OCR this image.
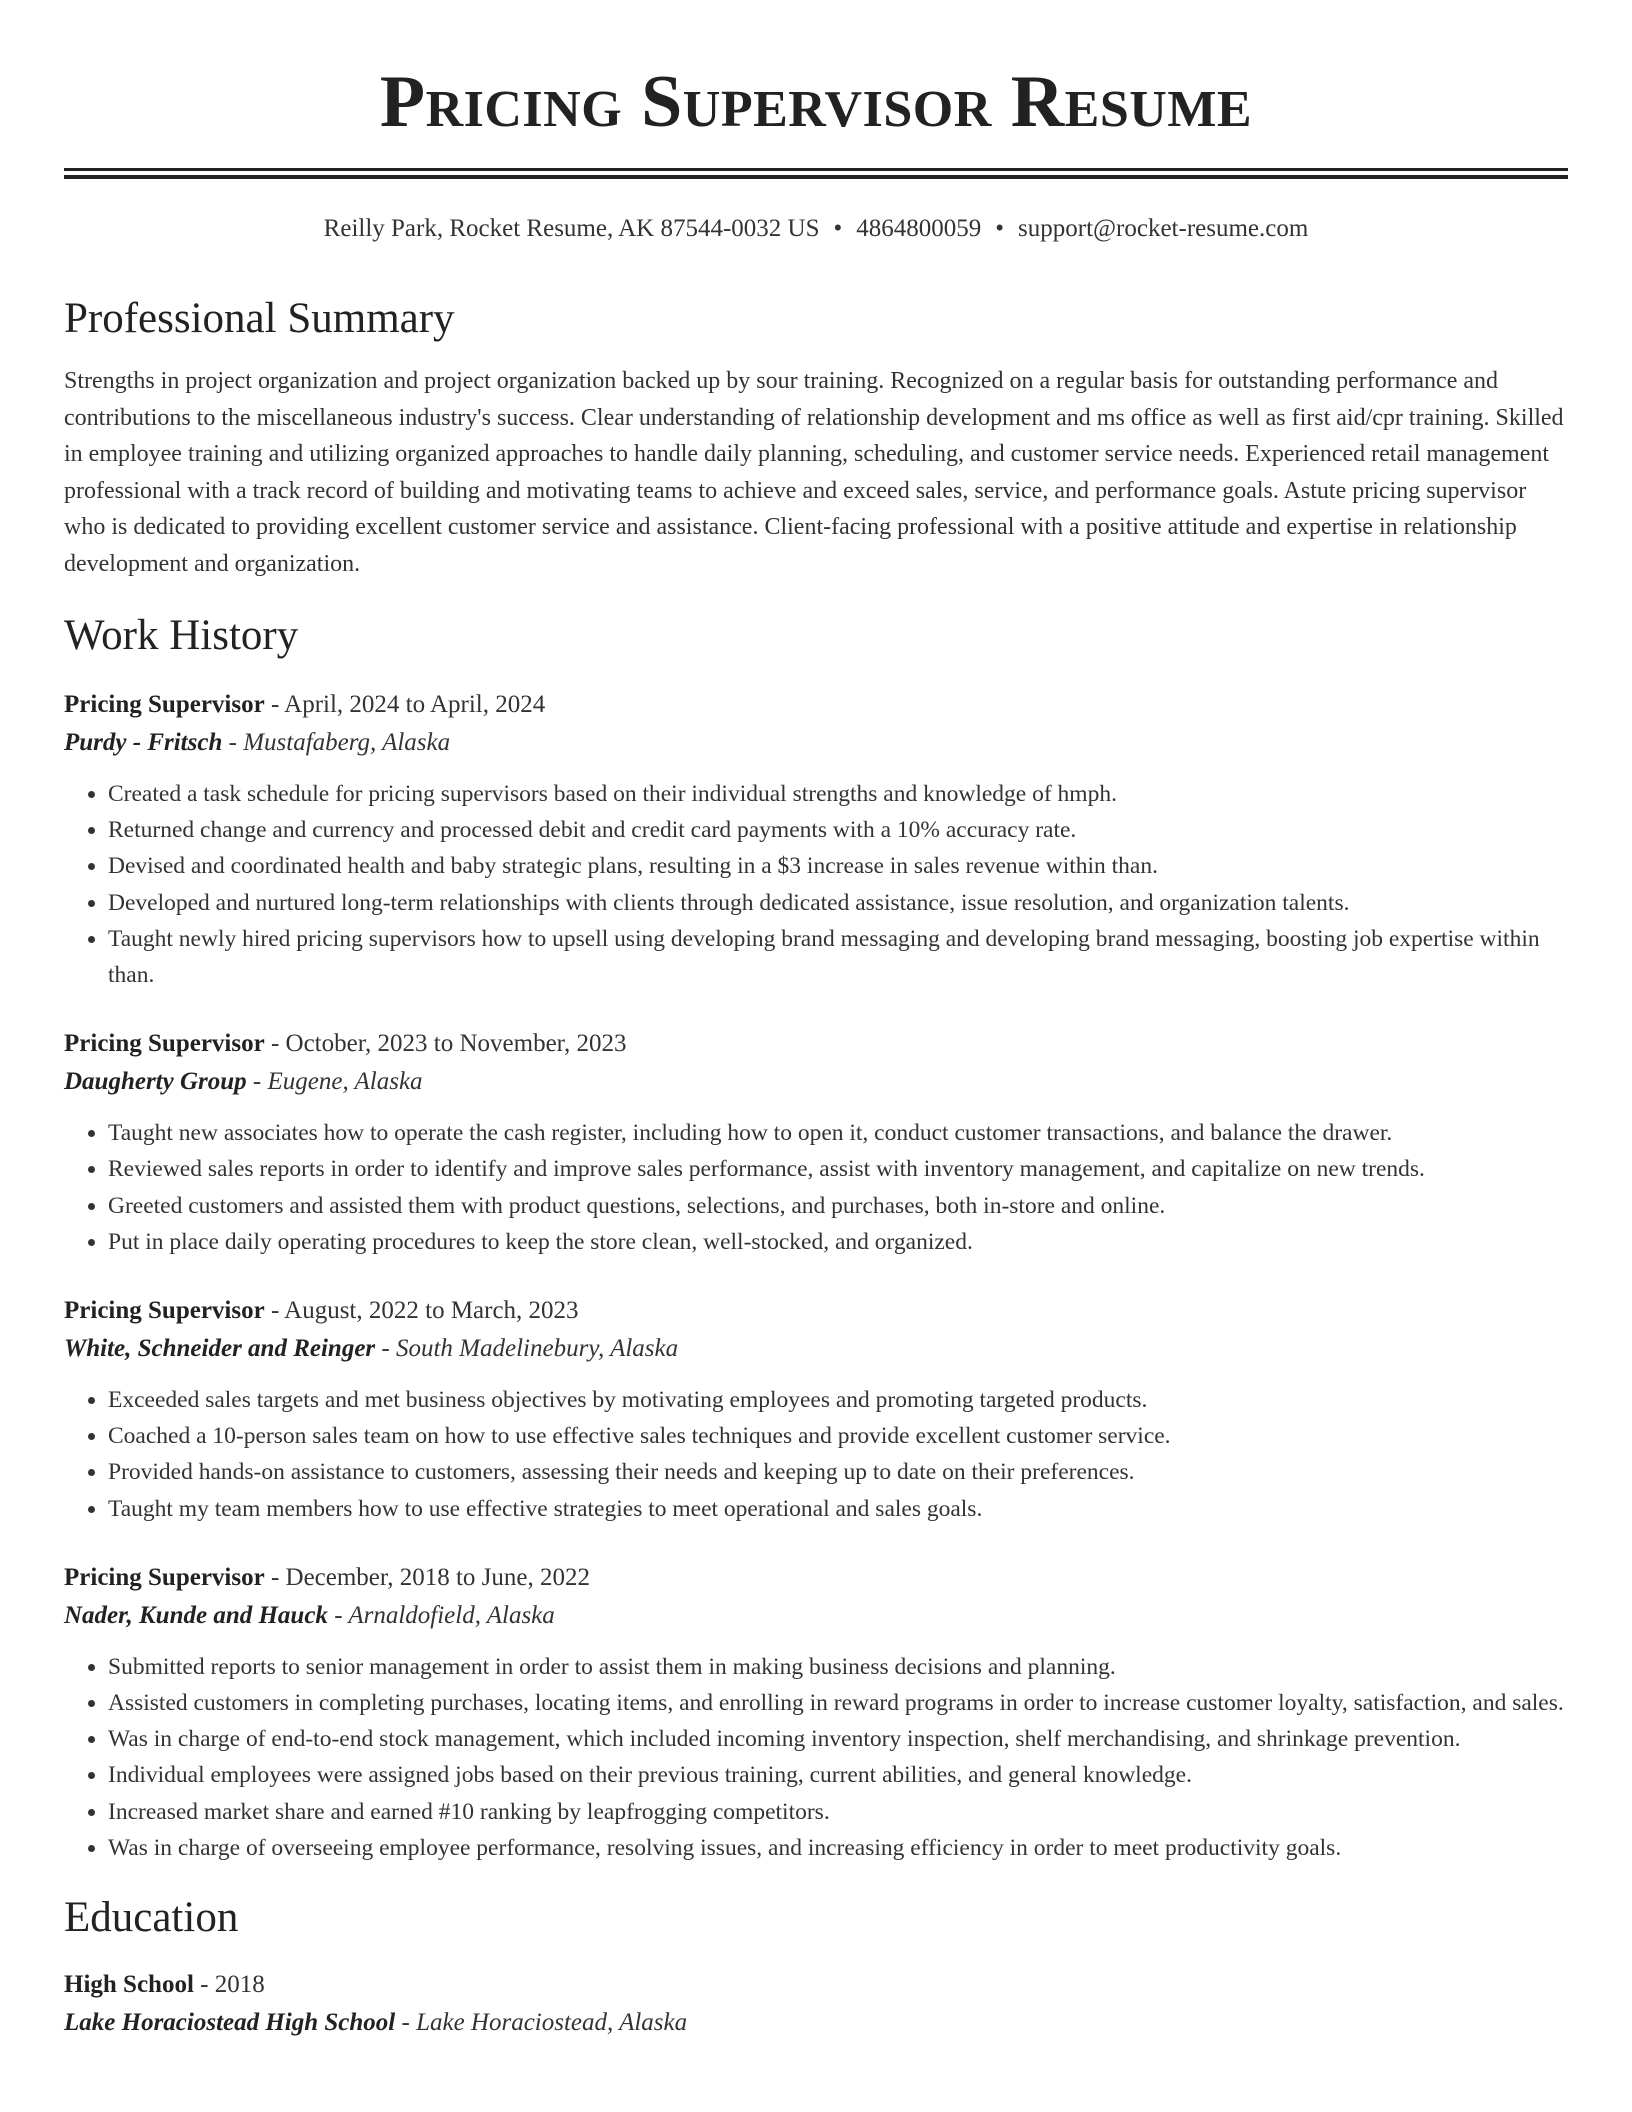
Pricing Supervisor Resume
Reilly Park, Rocket Resume, AK 87544-0032 US • 4864800059 • support@rocket-resume.com
Professional Summary

Strengths in project organization and project organization backed up by sour training. Recognized on a regular basis for outstanding performance and contributions to the miscellaneous industry's success. Clear understanding of relationship development and ms office as well as first aid/cpr training. Skilled in employee training and utilizing organized approaches to handle daily planning, scheduling, and customer service needs. Experienced retail management professional with a track record of building and motivating teams to achieve and exceed sales, service, and performance goals. Astute pricing supervisor who is dedicated to providing excellent customer service and assistance. Client-facing professional with a positive attitude and expertise in relationship development and organization.

Work History
Pricing Supervisor - April, 2024 to April, 2024
Purdy - Fritsch - Mustafaberg, Alaska
• Created a task schedule for pricing supervisors based on their individual strengths and knowledge of hmph.
• Returned change and currency and processed debit and credit card payments with a 10% accuracy rate.
• Devised and coordinated health and baby strategic plans, resulting in a $3 increase in sales revenue within than.
• Developed and nurtured long-term relationships with clients through dedicated assistance, issue resolution, and organization talents.
• Taught newly hired pricing supervisors how to upsell using developing brand messaging and developing brand messaging, boosting job expertise within than.
Pricing Supervisor - October, 2023 to November, 2023
Daugherty Group - Eugene, Alaska
• Taught new associates how to operate the cash register, including how to open it, conduct customer transactions, and balance the drawer.
• Reviewed sales reports in order to identify and improve sales performance, assist with inventory management, and capitalize on new trends.
• Greeted customers and assisted them with product questions, selections, and purchases, both in-store and online.
• Put in place daily operating procedures to keep the store clean, well-stocked, and organized.
Pricing Supervisor - August, 2022 to March, 2023
White, Schneider and Reinger - South Madelinebury, Alaska
• Exceeded sales targets and met business objectives by motivating employees and promoting targeted products.
• Coached a 10-person sales team on how to use effective sales techniques and provide excellent customer service.
• Provided hands-on assistance to customers, assessing their needs and keeping up to date on their preferences.
• Taught my team members how to use effective strategies to meet operational and sales goals.
Pricing Supervisor - December, 2018 to June, 2022
Nader, Kunde and Hauck - Arnaldofield, Alaska
• Submitted reports to senior management in order to assist them in making business decisions and planning.
• Assisted customers in completing purchases, locating items, and enrolling in reward programs in order to increase customer loyalty, satisfaction, and sales.
• Was in charge of end-to-end stock management, which included incoming inventory inspection, shelf merchandising, and shrinkage prevention.
• Individual employees were assigned jobs based on their previous training, current abilities, and general knowledge.
• Increased market share and earned #10 ranking by leapfrogging competitors.
• Was in charge of overseeing employee performance, resolving issues, and increasing efficiency in order to meet productivity goals.
Education
High School - 2018
Lake Horaciostead High School - Lake Horaciostead, Alaska
